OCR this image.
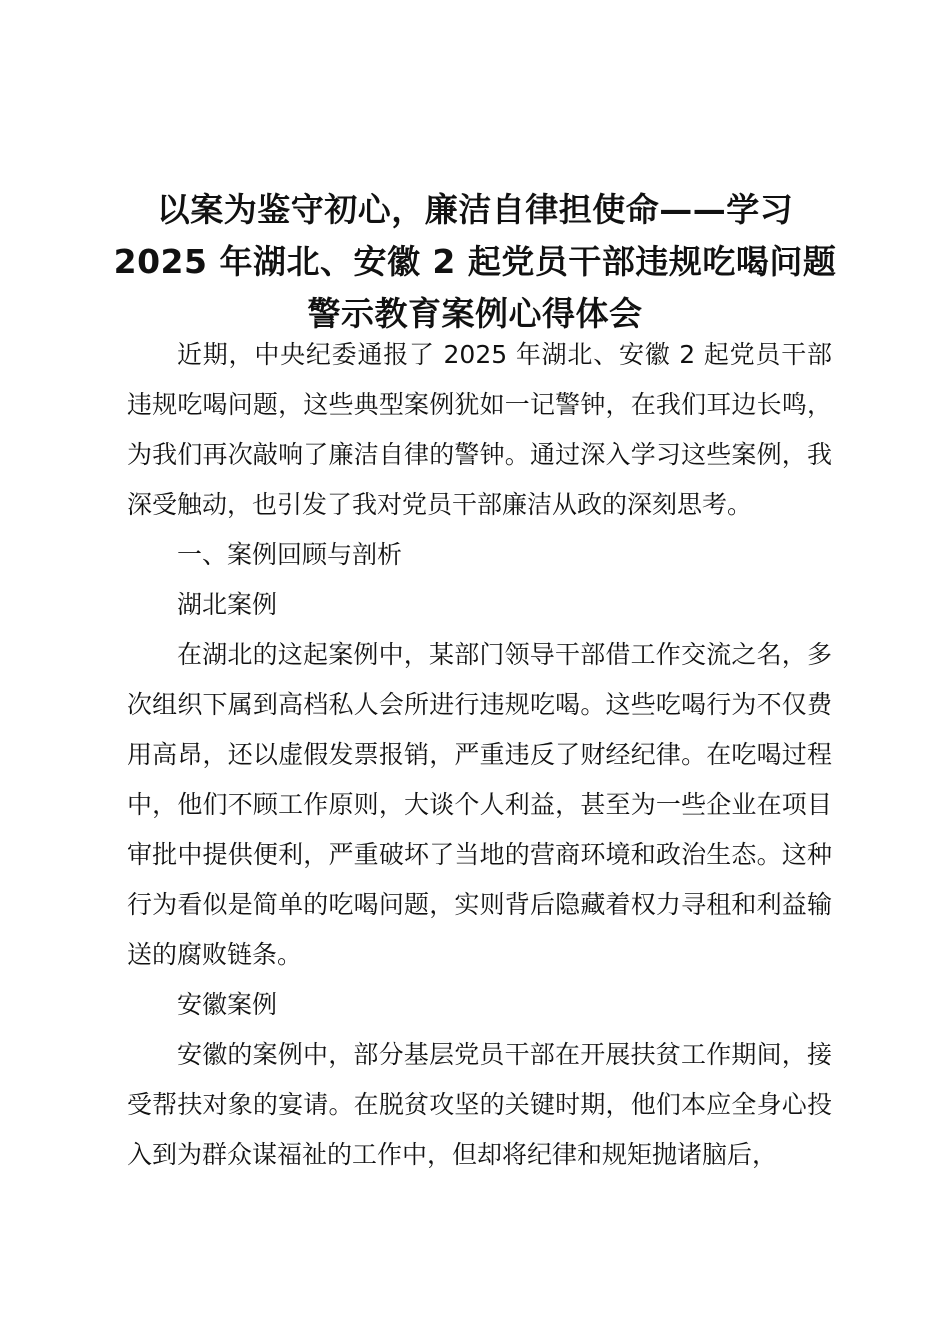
以案为鉴守初心，廉洁自律担使命——学习
2025 年湖北、安徽 2 起党员干部违规吃喝问题
警示教育案例心得体会

近期，中央纪委通报了 2025 年湖北、安徽 2 起党员干部违规吃喝问题，这些典型案例犹如一记警钟，在我们耳边长鸣，为我们再次敲响了廉洁自律的警钟。通过深入学习这些案例，我深受触动，也引发了我对党员干部廉洁从政的深刻思考。

一、案例回顾与剖析

湖北案例

在湖北的这起案例中，某部门领导干部借工作交流之名，多次组织下属到高档私人会所进行违规吃喝。这些吃喝行为不仅费用高昂，还以虚假发票报销，严重违反了财经纪律。在吃喝过程中，他们不顾工作原则，大谈个人利益，甚至为一些企业在项目审批中提供便利，严重破坏了当地的营商环境和政治生态。这种行为看似是简单的吃喝问题，实则背后隐藏着权力寻租和利益输送的腐败链条。

安徽案例

安徽的案例中，部分基层党员干部在开展扶贫工作期间，接受帮扶对象的宴请。在脱贫攻坚的关键时期，他们本应全身心投入到为群众谋福祉的工作中，但却将纪律和规矩抛诸脑后，
